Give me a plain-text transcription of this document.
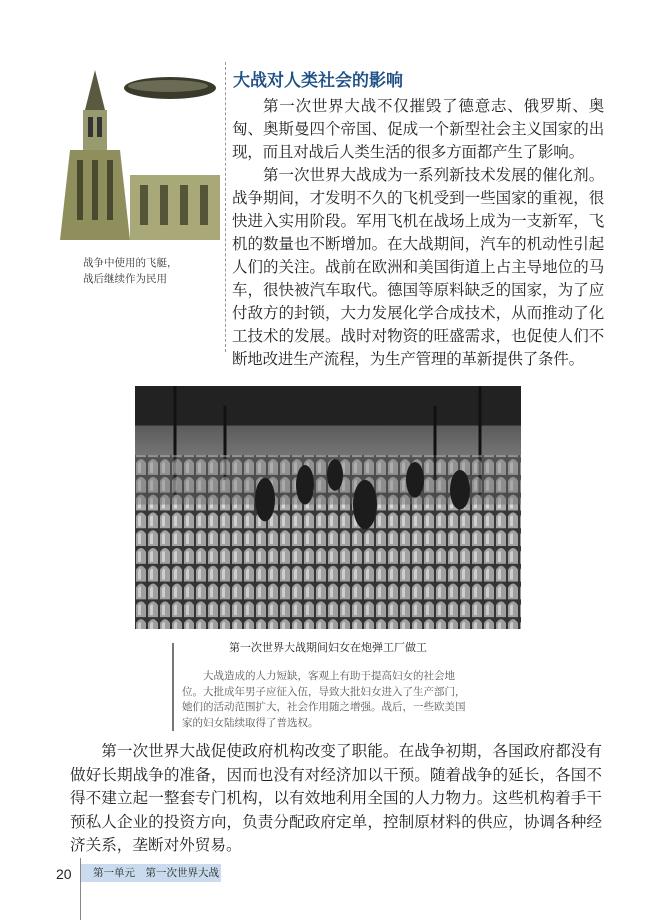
战争中使用的飞艇，
战后继续作为民用
大战对人类社会的影响

第一次世界大战不仅摧毁了德意志、俄罗斯、奥匈、奥斯曼四个帝国、促成一个新型社会主义国家的出现，而且对战后人类生活的很多方面都产生了影响。

第一次世界大战成为一系列新技术发展的催化剂。战争期间，才发明不久的飞机受到一些国家的重视，很快进入实用阶段。军用飞机在战场上成为一支新军，飞机的数量也不断增加。在大战期间，汽车的机动性引起人们的关注。战前在欧洲和美国街道上占主导地位的马车，很快被汽车取代。德国等原料缺乏的国家，为了应付敌方的封锁，大力发展化学合成技术，从而推动了化工技术的发展。战时对物资的旺盛需求，也促使人们不断地改进生产流程，为生产管理的革新提供了条件。

第一次世界大战期间妇女在炮弹工厂做工
大战造成的人力短缺，客观上有助于提高妇女的社会地位。大批成年男子应征入伍，导致大批妇女进入了生产部门，她们的活动范围扩大，社会作用随之增强。战后，一些欧美国家的妇女陆续取得了普选权。

第一次世界大战促使政府机构改变了职能。在战争初期，各国政府都没有做好长期战争的准备，因而也没有对经济加以干预。随着战争的延长，各国不得不建立起一整套专门机构，以有效地利用全国的人力物力。这些机构着手干预私人企业的投资方向，负责分配政府定单，控制原材料的供应，协调各种经济关系，垄断对外贸易。

20	第一单元　第一次世界大战
